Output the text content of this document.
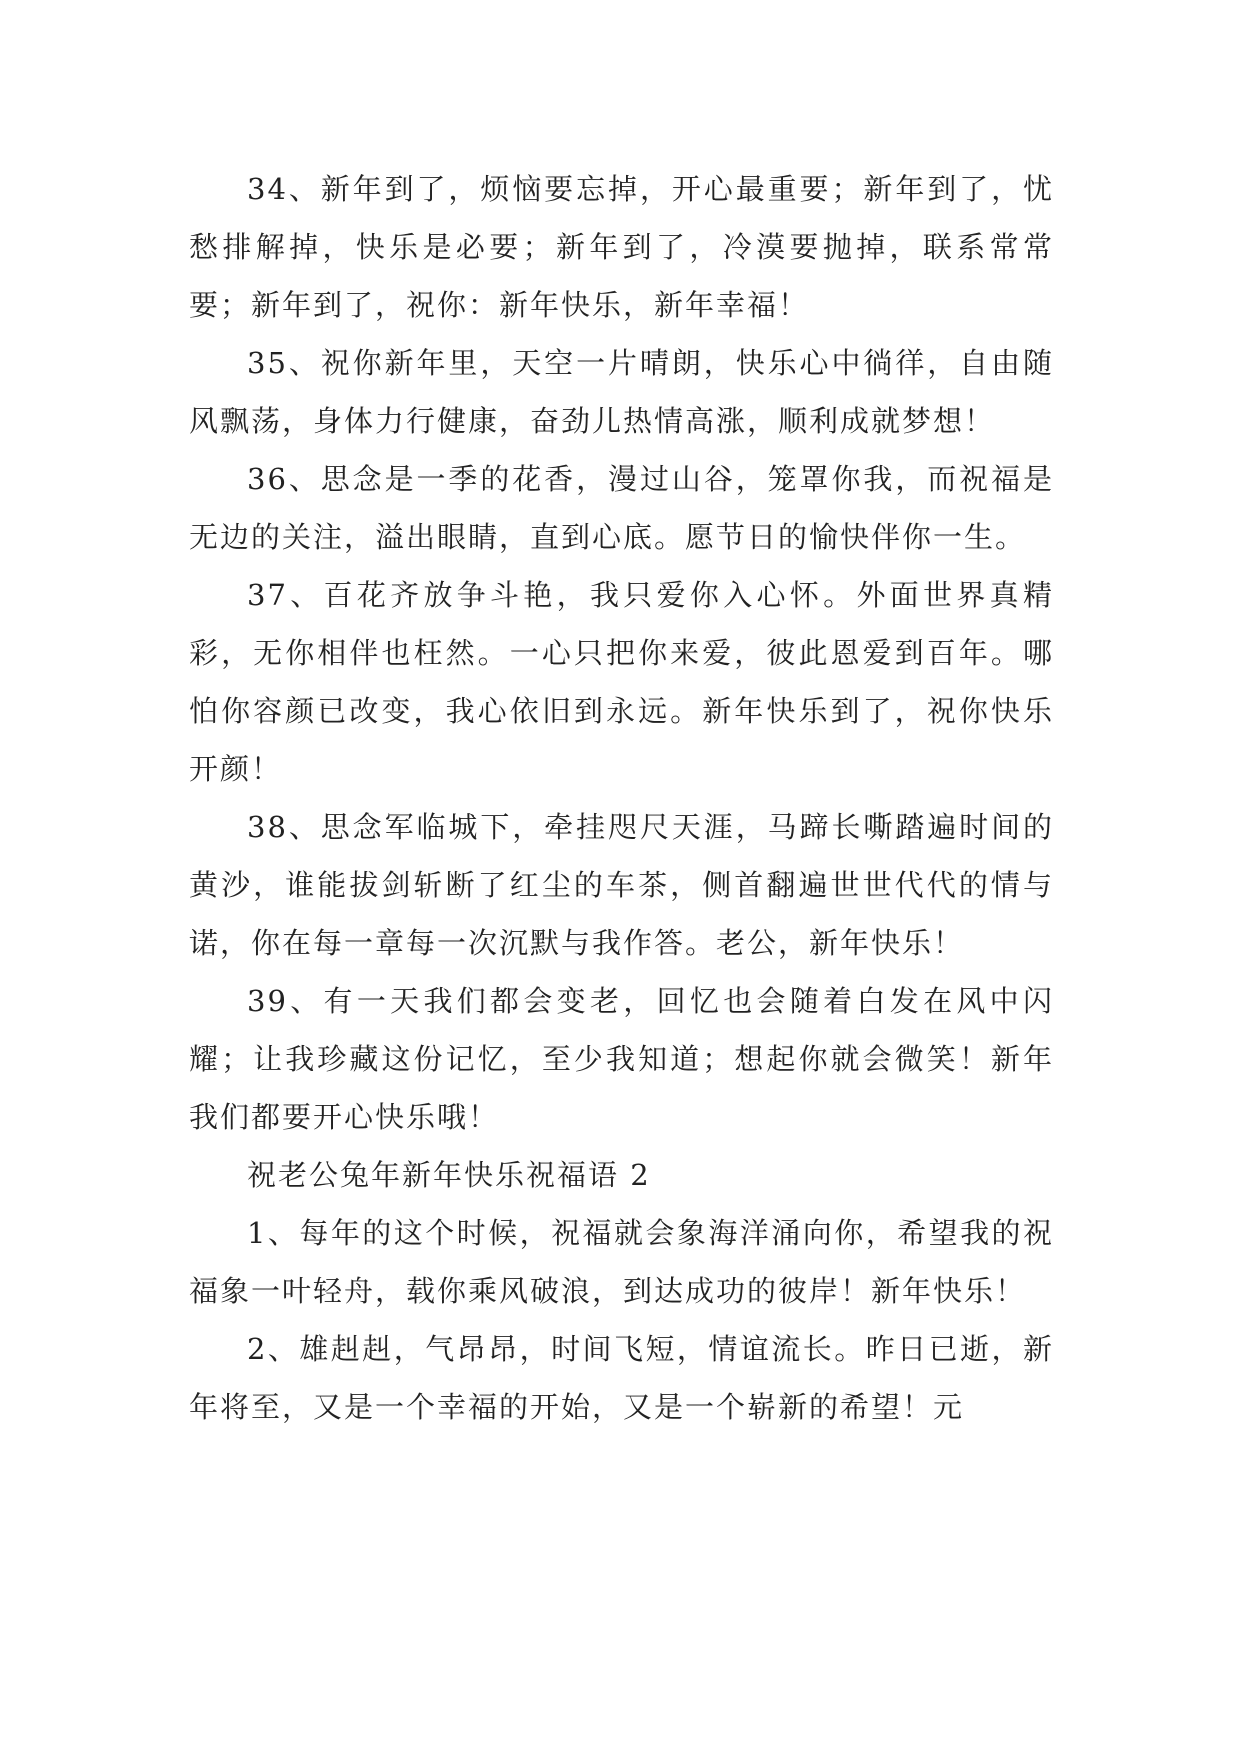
34、新年到了，烦恼要忘掉，开心最重要；新年到了，忧愁排解掉，快乐是必要；新年到了，冷漠要抛掉，联系常常要；新年到了，祝你：新年快乐，新年幸福！

35、祝你新年里，天空一片晴朗，快乐心中徜徉，自由随风飘荡，身体力行健康，奋劲儿热情高涨，顺利成就梦想！

36、思念是一季的花香，漫过山谷，笼罩你我，而祝福是无边的关注，溢出眼睛，直到心底。愿节日的愉快伴你一生。

37、百花齐放争斗艳，我只爱你入心怀。外面世界真精彩，无你相伴也枉然。一心只把你来爱，彼此恩爱到百年。哪怕你容颜已改变，我心依旧到永远。新年快乐到了，祝你快乐开颜！

38、思念军临城下，牵挂咫尺天涯，马蹄长嘶踏遍时间的黄沙，谁能拔剑斩断了红尘的车茶，侧首翻遍世世代代的情与诺，你在每一章每一次沉默与我作答。老公，新年快乐！

39、有一天我们都会变老，回忆也会随着白发在风中闪耀；让我珍藏这份记忆，至少我知道；想起你就会微笑！新年我们都要开心快乐哦！

祝老公兔年新年快乐祝福语 2

1、每年的这个时候，祝福就会象海洋涌向你，希望我的祝福象一叶轻舟，载你乘风破浪，到达成功的彼岸！新年快乐！

2、雄赳赳，气昂昂，时间飞短，情谊流长。昨日已逝，新年将至，又是一个幸福的开始，又是一个崭新的希望！元
